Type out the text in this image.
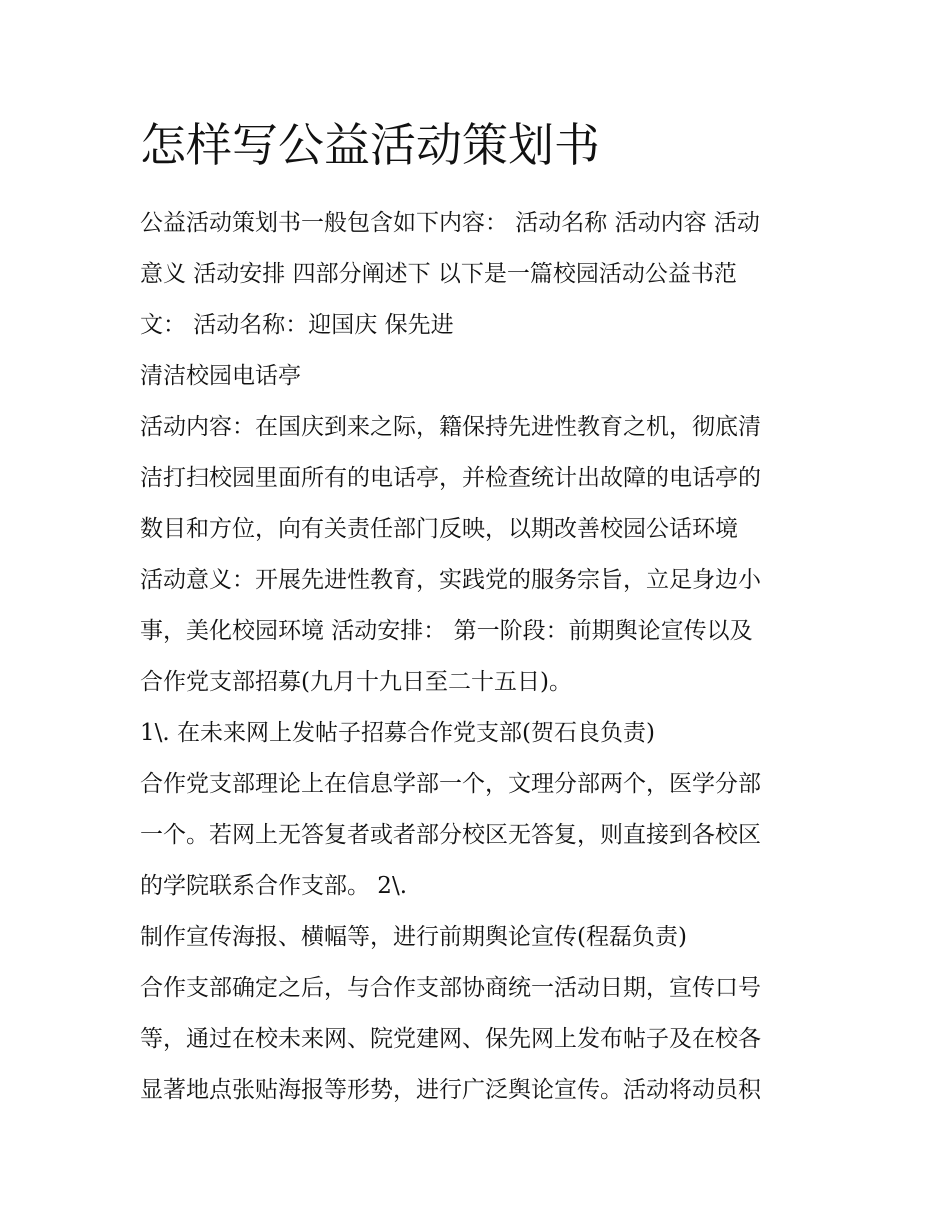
怎样写公益活动策划书

公益活动策划书一般包含如下内容： 活动名称 活动内容 活动

意义 活动安排 四部分阐述下 以下是一篇校园活动公益书范

文： 活动名称：迎国庆 保先进

清洁校园电话亭

活动内容：在国庆到来之际，籍保持先进性教育之机，彻底清

洁打扫校园里面所有的电话亭，并检查统计出故障的电话亭的

数目和方位，向有关责任部门反映，以期改善校园公话环境

活动意义：开展先进性教育，实践党的服务宗旨，立足身边小

事，美化校园环境 活动安排： 第一阶段：前期舆论宣传以及

合作党支部招募(九月十九日至二十五日)。

1\. 在未来网上发帖子招募合作党支部(贺石良负责)

合作党支部理论上在信息学部一个，文理分部两个，医学分部

一个。若网上无答复者或者部分校区无答复，则直接到各校区

的学院联系合作支部。 2\.

制作宣传海报、横幅等，进行前期舆论宣传(程磊负责)

合作支部确定之后，与合作支部协商统一活动日期，宣传口号

等，通过在校未来网、院党建网、保先网上发布帖子及在校各

显著地点张贴海报等形势，进行广泛舆论宣传。活动将动员积
